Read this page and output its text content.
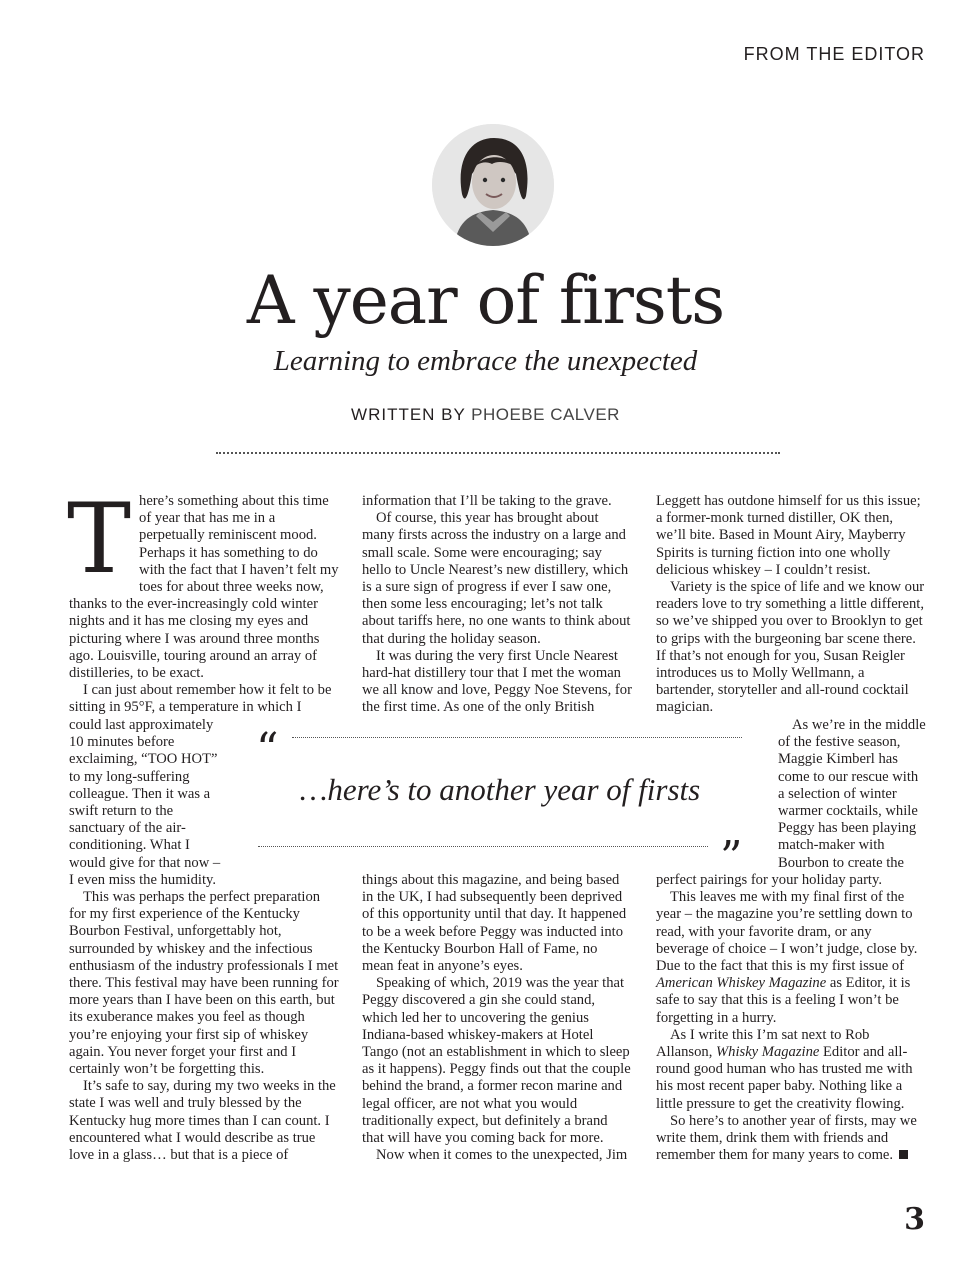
FROM THE EDITOR
A year of firsts
Learning to embrace the unexpected
WRITTEN BY PHOEBE CALVER
T here’s something about this time of year that has me in a perpetually reminiscent mood. Perhaps it has something to do with the fact that I haven’t felt my toes for about three weeks now, thanks to the ever-increasingly cold winter nights and it has me closing my eyes and picturing where I was around three months ago. Louisville, touring around an array of distilleries, to be exact.

I can just about remember how it felt to be sitting in 95°F, a temperature in which I

could last approximately 10 minutes before exclaiming, “TOO HOT” to my long-suffering colleague. Then it was a swift return to the sanctuary of the air-conditioning. What I would give for that now – I even miss the humidity.

This was perhaps the perfect preparation for my first experience of the Kentucky Bourbon Festival, unforgettably hot, surrounded by whiskey and the infectious enthusiasm of the industry professionals I met there. This festival may have been running for more years than I have been on this earth, but its exuberance makes you feel as though you’re enjoying your first sip of whiskey again. You never forget your first and I certainly won’t be forgetting this.

It’s safe to say, during my two weeks in the state I was well and truly blessed by the Kentucky hug more times than I can count. I encountered what I would describe as true love in a glass… but that is a piece of

information that I’ll be taking to the grave.

Of course, this year has brought about many firsts across the industry on a large and small scale. Some were encouraging; say hello to Uncle Nearest’s new distillery, which is a sure sign of progress if ever I saw one, then some less encouraging; let’s not talk about tariffs here, no one wants to think about that during the holiday season.

It was during the very first Uncle Nearest hard-hat distillery tour that I met the woman we all know and love, Peggy Noe Stevens, for the first time. As one of the only British

things about this magazine, and being based in the UK, I had subsequently been deprived of this opportunity until that day. It happened to be a week before Peggy was inducted into the Kentucky Bourbon Hall of Fame, no mean feat in anyone’s eyes.

Speaking of which, 2019 was the year that Peggy discovered a gin she could stand, which led her to uncovering the genius Indiana-based whiskey-makers at Hotel Tango (not an establishment in which to sleep as it happens). Peggy finds out that the couple behind the brand, a former recon marine and legal officer, are not what you would traditionally expect, but definitely a brand that will have you coming back for more.

Now when it comes to the unexpected, Jim

Leggett has outdone himself for us this issue; a former-monk turned distiller, OK then, we’ll bite. Based in Mount Airy, Mayberry Spirits is turning fiction into one wholly delicious whiskey – I couldn’t resist.

Variety is the spice of life and we know our readers love to try something a little different, so we’ve shipped you over to Brooklyn to get to grips with the burgeoning bar scene there. If that’s not enough for you, Susan Reigler introduces us to Molly Wellmann, a bartender, storyteller and all-round cocktail magician.

As we’re in the middle of the festive season, Maggie Kimberl has come to our rescue with a selection of winter warmer cocktails, while Peggy has been playing match-maker with Bourbon to create the

perfect pairings for your holiday party.

This leaves me with my final first of the year – the magazine you’re settling down to read, with your favorite dram, or any beverage of choice – I won’t judge, close by. Due to the fact that this is my first issue of American Whiskey Magazine as Editor, it is safe to say that this is a feeling I won’t be forgetting in a hurry.

As I write this I’m sat next to Rob Allanson, Whisky Magazine Editor and all-round good human who has trusted me with his most recent paper baby. Nothing like a little pressure to get the creativity flowing.

So here’s to another year of firsts, may we write them, drink them with friends and remember them for many years to come.

“
…here’s to another year of firsts
”
3
